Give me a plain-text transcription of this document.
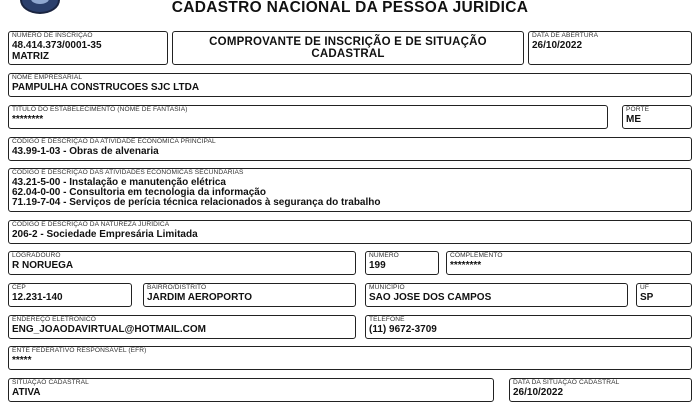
CADASTRO NACIONAL DA PESSOA JURÍDICA
NÚMERO DE INSCRIÇÃO
48.414.373/0001-35
MATRIZ
COMPROVANTE DE INSCRIÇÃO E DE SITUAÇÃO
CADASTRAL
DATA DE ABERTURA
26/10/2022
NOME EMPRESARIAL
PAMPULHA CONSTRUCOES SJC LTDA
TÍTULO DO ESTABELECIMENTO (NOME DE FANTASIA)
********
PORTE
ME
CÓDIGO E DESCRIÇÃO DA ATIVIDADE ECONÔMICA PRINCIPAL
43.99-1-03 - Obras de alvenaria
CÓDIGO E DESCRIÇÃO DAS ATIVIDADES ECONÔMICAS SECUNDÁRIAS
43.21-5-00 - Instalação e manutenção elétrica
62.04-0-00 - Consultoria em tecnologia da informação
71.19-7-04 - Serviços de perícia técnica relacionados à segurança do trabalho
CÓDIGO E DESCRIÇÃO DA NATUREZA JURÍDICA
206-2 - Sociedade Empresária Limitada
LOGRADOURO
R NORUEGA
NÚMERO
199
COMPLEMENTO
********
CEP
12.231-140
BAIRRO/DISTRITO
JARDIM AEROPORTO
MUNICÍPIO
SAO JOSE DOS CAMPOS
UF
SP
ENDEREÇO ELETRÔNICO
ENG_JOAODAVIRTUAL@HOTMAIL.COM
TELEFONE
(11) 9672-3709
ENTE FEDERATIVO RESPONSÁVEL (EFR)
*****
SITUAÇÃO CADASTRAL
ATIVA
DATA DA SITUAÇÃO CADASTRAL
26/10/2022
